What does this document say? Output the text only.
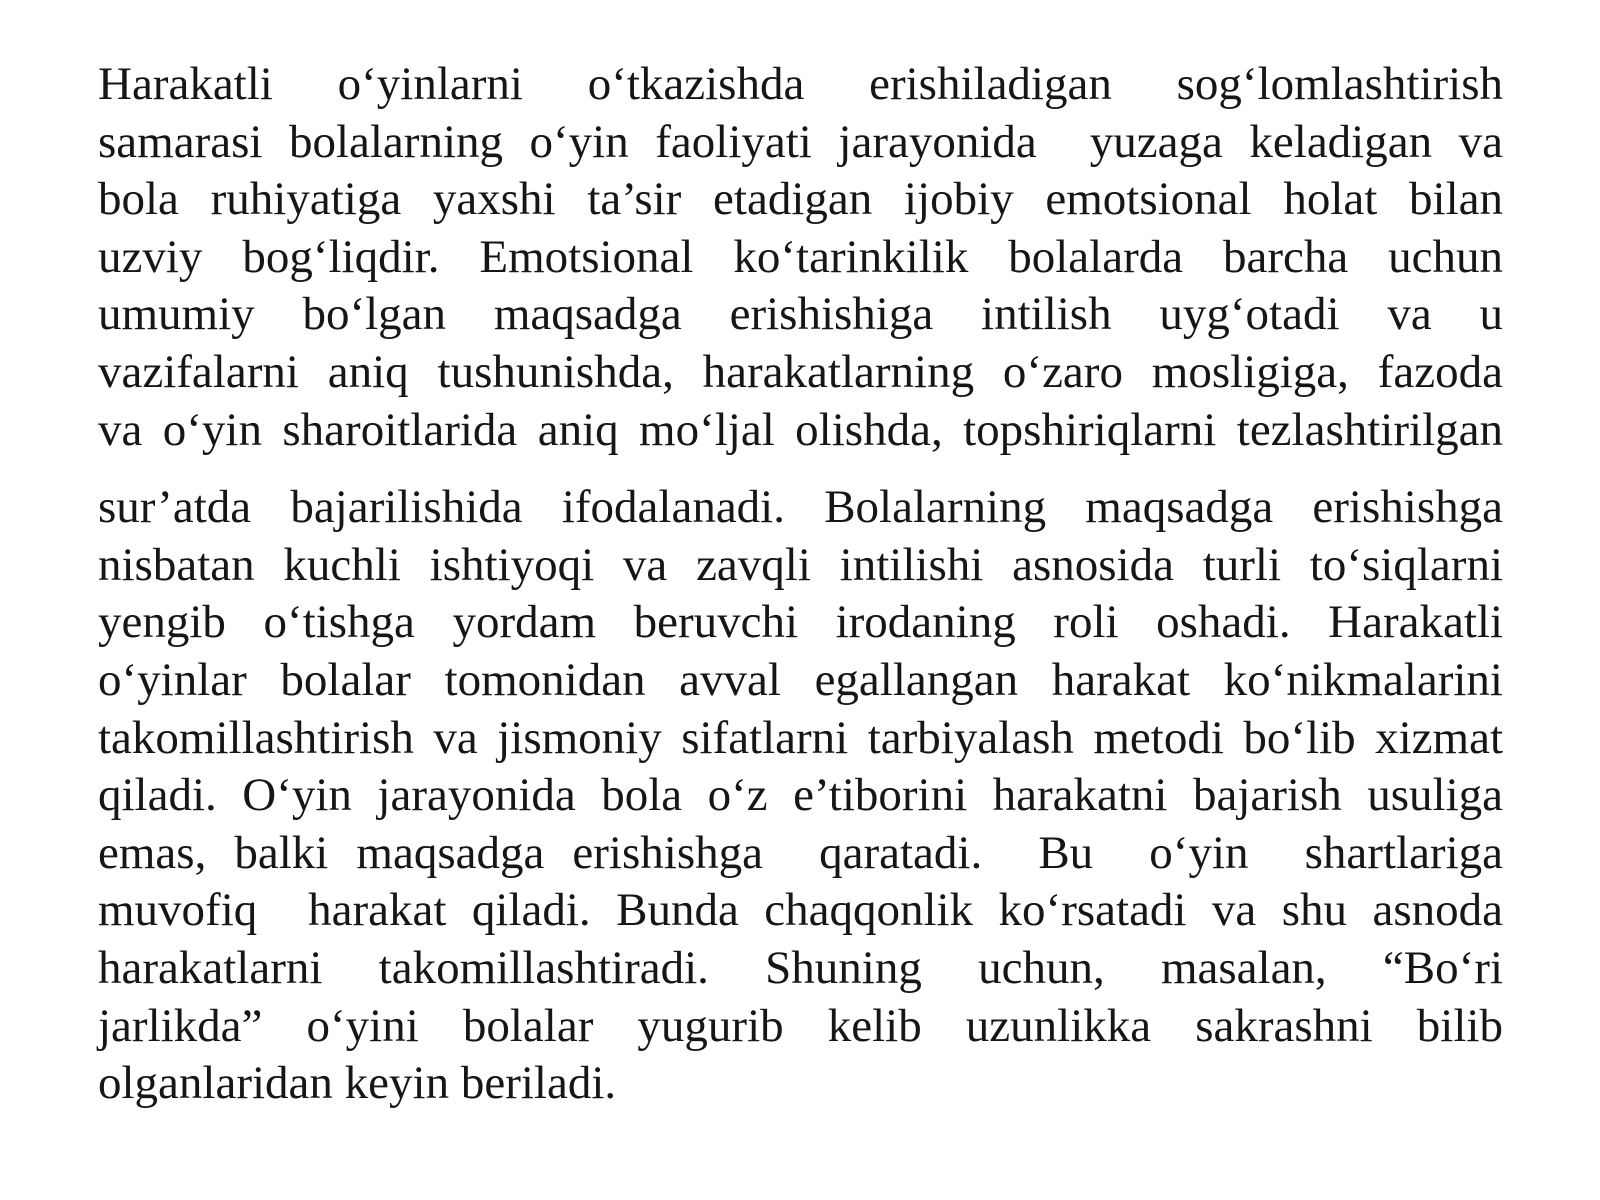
Harakatli o‘yinlarni o‘tkazishda erishiladigan sog‘lomlashtirish
samarasi bolalarning o‘yin faoliyati jarayonida  yuzaga keladigan va
bola ruhiyatiga yaxshi ta’sir etadigan ijobiy emotsional holat bilan
uzviy bog‘liqdir. Emotsional ko‘tarinkilik bolalarda barcha uchun
umumiy bo‘lgan maqsadga erishishiga intilish uyg‘otadi va u
vazifalarni aniq tushunishda, harakatlarning o‘zaro mosligiga, fazoda
va o‘yin sharoitlarida aniq mo‘ljal olishda, topshiriqlarni tezlashtirilgan
sur’atda bajarilishida ifodalanadi. Bolalarning maqsadga erishishga
nisbatan kuchli ishtiyoqi va zavqli intilishi asnosida turli to‘siqlarni
yengib o‘tishga yordam beruvchi irodaning roli oshadi. Harakatli
o‘yinlar bolalar tomonidan avval egallangan harakat ko‘nikmalarini
takomillashtirish va jismoniy sifatlarni tarbiyalash metodi bo‘lib xizmat
qiladi. O‘yin jarayonida bola o‘z e’tiborini harakatni bajarish usuliga
emas, balki maqsadga erishishga  qaratadi.  Bu  o‘yin  shartlariga
muvofiq  harakat qiladi. Bunda chaqqonlik ko‘rsatadi va shu asnoda
harakatlarni takomillashtiradi. Shuning uchun, masalan, “Bo‘ri
jarlikda” o‘yini bolalar yugurib kelib uzunlikka sakrashni bilib
olganlaridan keyin beriladi.
